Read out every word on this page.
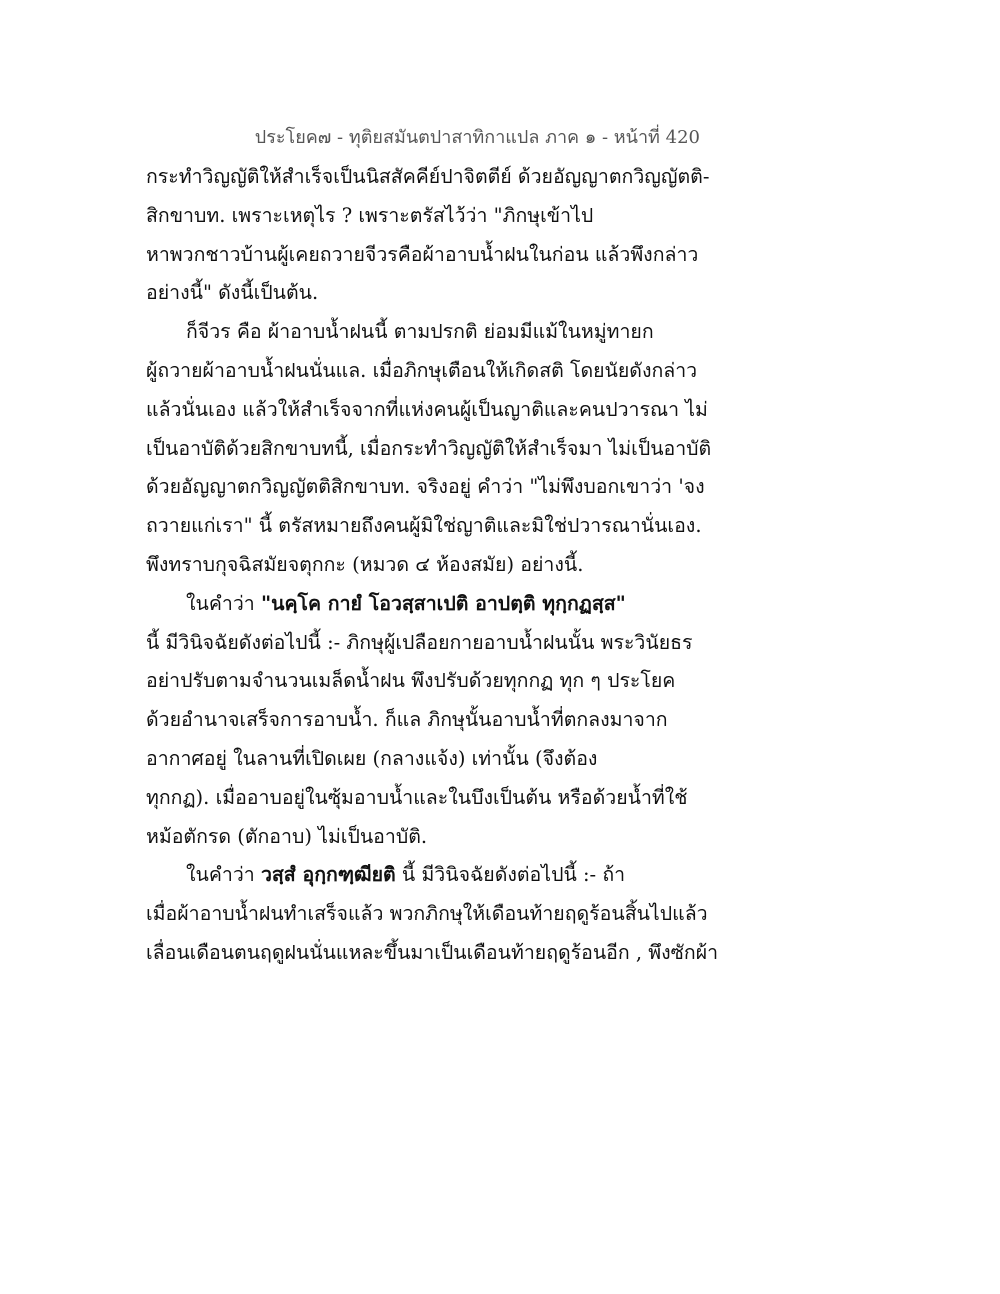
ประโยค๗ - ทุติยสมันตปาสาทิกาแปล ภาค ๑ - หน้าที่ 420
กระทำวิญญัติให้สำเร็จเป็นนิสสัคคีย์ปาจิตตีย์ ด้วยอัญญาตกวิญญัตติ-
สิกขาบท. เพราะเหตุไร ? เพราะตรัสไว้ว่า "ภิกษุเข้าไป
หาพวกชาวบ้านผู้เคยถวายจีวรคือผ้าอาบน้ำฝนในก่อน แล้วพึงกล่าว
อย่างนี้" ดังนี้เป็นต้น.
ก็จีวร คือ ผ้าอาบน้ำฝนนี้ ตามปรกติ ย่อมมีแม้ในหมู่ทายก
ผู้ถวายผ้าอาบน้ำฝนนั่นแล. เมื่อภิกษุเตือนให้เกิดสติ โดยนัยดังกล่าว
แล้วนั่นเอง แล้วให้สำเร็จจากที่แห่งคนผู้เป็นญาติและคนปวารณา ไม่
เป็นอาบัติด้วยสิกขาบทนี้, เมื่อกระทำวิญญัติให้สำเร็จมา ไม่เป็นอาบัติ
ด้วยอัญญาตกวิญญัตติสิกขาบท. จริงอยู่ คำว่า "ไม่พึงบอกเขาว่า 'จง
ถวายแก่เรา" นี้ ตรัสหมายถึงคนผู้มิใช่ญาติและมิใช่ปวารณานั่นเอง.
พึงทราบกุจฉิสมัยจตุกกะ (หมวด ๔ ห้องสมัย) อย่างนี้.
ในคำว่า "นคฺโค กายํ โอวสฺสาเปติ อาปตฺติ ทุกฺกฏสฺส"
นี้ มีวินิจฉัยดังต่อไปนี้ :- ภิกษุผู้เปลือยกายอาบน้ำฝนนั้น พระวินัยธร
อย่าปรับตามจำนวนเมล็ดน้ำฝน พึงปรับด้วยทุกกฏ ทุก ๆ ประโยค
ด้วยอำนาจเสร็จการอาบน้ำ. ก็แล ภิกษุนั้นอาบน้ำที่ตกลงมาจาก
อากาศอยู่ ในลานที่เปิดเผย (กลางแจ้ง) เท่านั้น (จึงต้อง
ทุกกฏ). เมื่ออาบอยู่ในซุ้มอาบน้ำและในบึงเป็นต้น หรือด้วยน้ำที่ใช้
หม้อตักรด (ตักอาบ) ไม่เป็นอาบัติ.
ในคำว่า วสฺสํ อุกฺกฑฺฒียติ นี้ มีวินิจฉัยดังต่อไปนี้ :- ถ้า
เมื่อผ้าอาบน้ำฝนทำเสร็จแล้ว พวกภิกษุให้เดือนท้ายฤดูร้อนสิ้นไปแล้ว
เลื่อนเดือนตนฤดูฝนนั่นแหละขึ้นมาเป็นเดือนท้ายฤดูร้อนอีก , พึงซักผ้า
